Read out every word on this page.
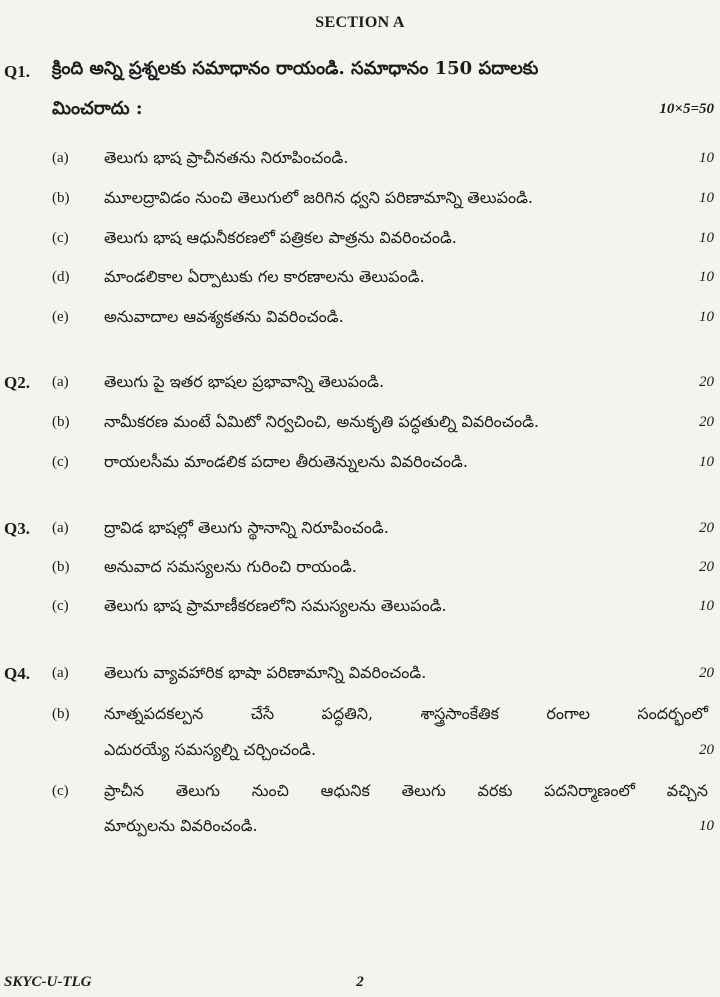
SECTION A
Q1. క్రింది అన్ని ప్రశ్నలకు సమాధానం రాయండి. సమాధానం 150 పదాలకు
మించరాదు :	10×5=50
(a) తెలుగు భాష ప్రాచీనతను నిరూపించండి.	10
(b) మూలద్రావిడం నుంచి తెలుగులో జరిగిన ధ్వని పరిణామాన్ని తెలుపండి.	10
(c) తెలుగు భాష ఆధునీకరణలో పత్రికల పాత్రను వివరించండి.	10
(d) మాండలికాల ఏర్పాటుకు గల కారణాలను తెలుపండి.	10
(e) అనువాదాల ఆవశ్యకతను వివరించండి.	10
Q2. (a) తెలుగు పై ఇతర భాషల ప్రభావాన్ని తెలుపండి.	20
(b) నామీకరణ మంటే ఏమిటో నిర్వచించి, అనుకృతి పద్ధతుల్ని వివరించండి.	20
(c) రాయలసీమ మాండలిక పదాల తీరుతెన్నులను వివరించండి.	10
Q3. (a) ద్రావిడ భాషల్లో తెలుగు స్థానాన్ని నిరూపించండి.	20
(b) అనువాద సమస్యలను గురించి రాయండి.	20
(c) తెలుగు భాష ప్రామాణీకరణలోని సమస్యలను తెలుపండి.	10
Q4. (a) తెలుగు వ్యావహారిక భాషా పరిణామాన్ని వివరించండి.	20
(b) నూత్నపదకల్పన	చేసే	పద్ధతిని,	శాస్త్రసాంకేతిక	రంగాల	సందర్భంలో
ఎదురయ్యే సమస్యల్ని చర్చించండి.	20
(c) ప్రాచీన తెలుగు నుంచి ఆధునిక తెలుగు వరకు పదనిర్మాణంలో వచ్చిన
మార్పులను వివరించండి.	10
SKYC-U-TLG	2
